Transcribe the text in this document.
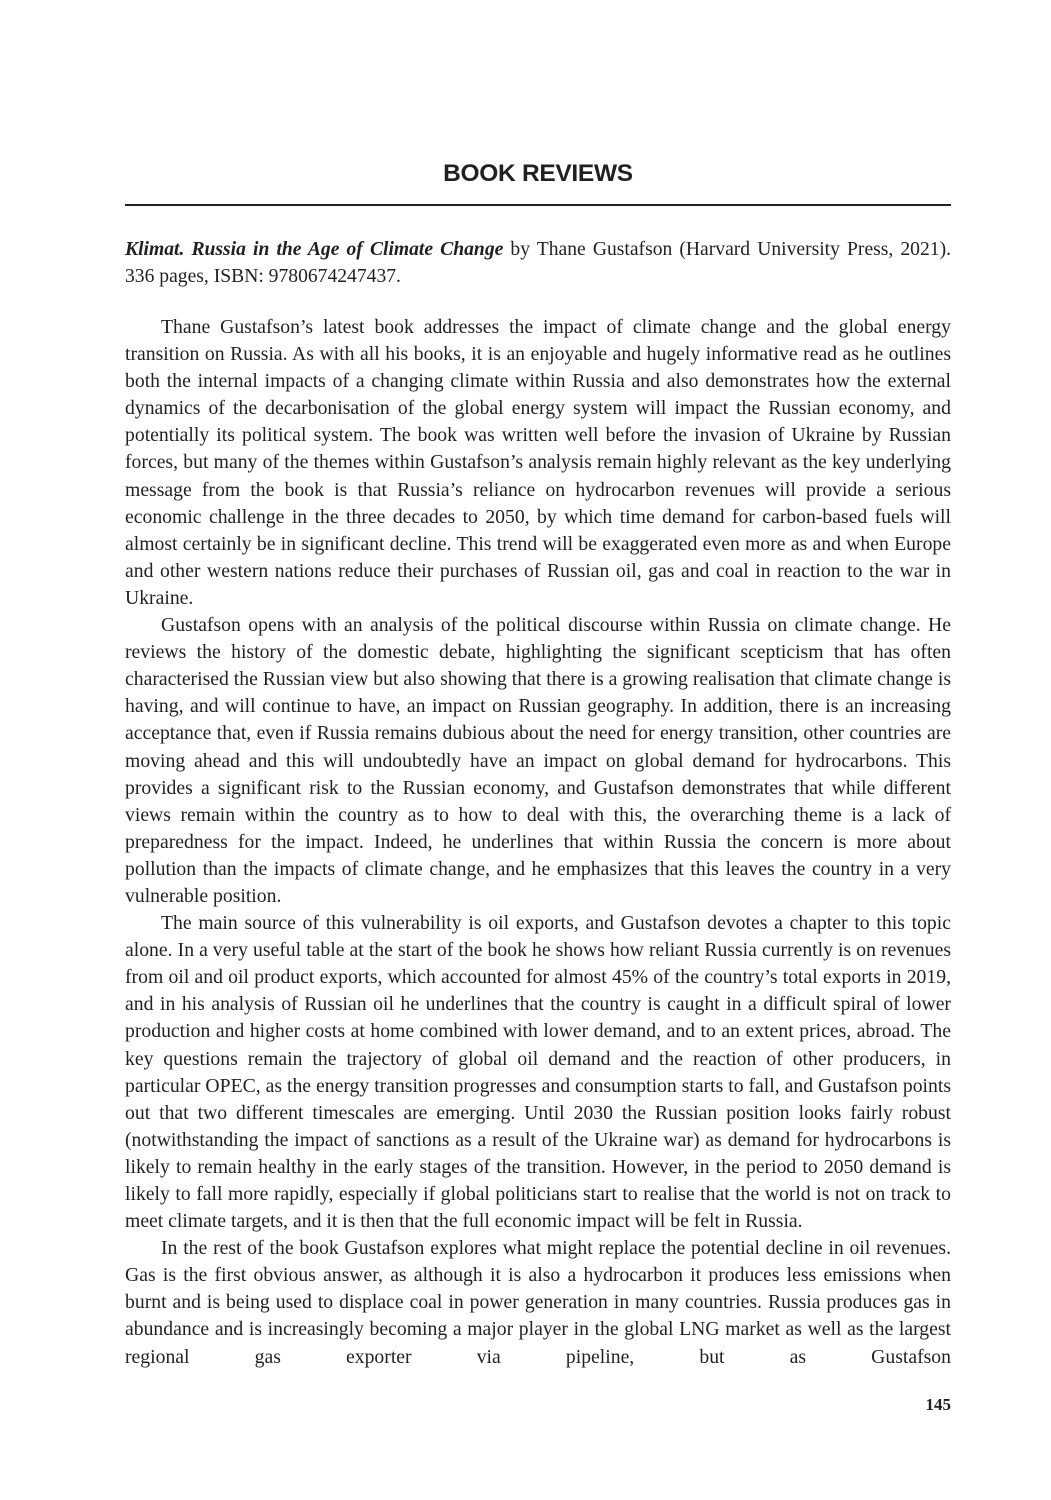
BOOK REVIEWS
Klimat. Russia in the Age of Climate Change by Thane Gustafson (Harvard University Press, 2021). 336 pages, ISBN: 9780674247437.

Thane Gustafson’s latest book addresses the impact of climate change and the global energy transition on Russia. As with all his books, it is an enjoyable and hugely informative read as he outlines both the internal impacts of a changing climate within Russia and also demonstrates how the external dynamics of the decarbonisation of the global energy system will impact the Russian economy, and potentially its political system. The book was written well before the invasion of Ukraine by Russian forces, but many of the themes within Gustafson’s analysis remain highly relevant as the key underlying message from the book is that Russia’s reliance on hydrocarbon revenues will provide a serious economic challenge in the three decades to 2050, by which time demand for carbon-based fuels will almost certainly be in significant decline. This trend will be exaggerated even more as and when Europe and other western nations reduce their purchases of Russian oil, gas and coal in reaction to the war in Ukraine.

Gustafson opens with an analysis of the political discourse within Russia on climate change. He reviews the history of the domestic debate, highlighting the significant scepticism that has often characterised the Russian view but also showing that there is a growing realisation that climate change is having, and will continue to have, an impact on Russian geography. In addition, there is an increasing acceptance that, even if Russia remains dubious about the need for energy transition, other countries are moving ahead and this will undoubtedly have an impact on global demand for hydrocarbons. This provides a significant risk to the Russian economy, and Gustafson demonstrates that while different views remain within the country as to how to deal with this, the overarching theme is a lack of preparedness for the impact. Indeed, he underlines that within Russia the concern is more about pollution than the impacts of climate change, and he emphasizes that this leaves the country in a very vulnerable position.

The main source of this vulnerability is oil exports, and Gustafson devotes a chapter to this topic alone. In a very useful table at the start of the book he shows how reliant Russia currently is on revenues from oil and oil product exports, which accounted for almost 45% of the country’s total exports in 2019, and in his analysis of Russian oil he underlines that the country is caught in a difficult spiral of lower production and higher costs at home combined with lower demand, and to an extent prices, abroad. The key questions remain the trajectory of global oil demand and the reaction of other producers, in particular OPEC, as the energy transition progresses and consumption starts to fall, and Gustafson points out that two different timescales are emerging. Until 2030 the Russian position looks fairly robust (notwithstanding the impact of sanctions as a result of the Ukraine war) as demand for hydrocarbons is likely to remain healthy in the early stages of the transition. However, in the period to 2050 demand is likely to fall more rapidly, especially if global politicians start to realise that the world is not on track to meet climate targets, and it is then that the full economic impact will be felt in Russia.

In the rest of the book Gustafson explores what might replace the potential decline in oil revenues. Gas is the first obvious answer, as although it is also a hydrocarbon it produces less emissions when burnt and is being used to displace coal in power generation in many countries. Russia produces gas in abundance and is increasingly becoming a major player in the global LNG market as well as the largest regional gas exporter via pipeline, but as Gustafson

145
